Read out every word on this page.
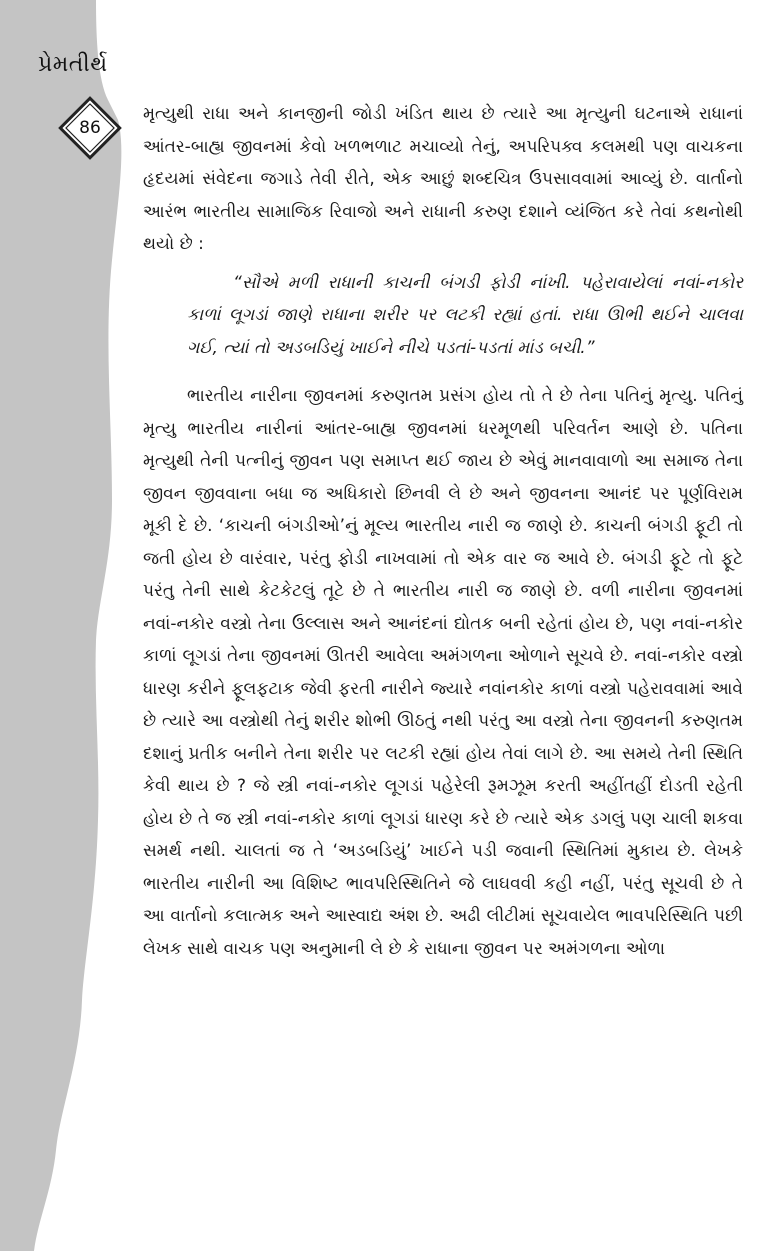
પ્રેમતીર્થ
86

મૃત્યુથી રાધા અને કાનજીની જોડી ખંડિત થાય છે ત્યારે આ મૃત્યુની ઘટનાએ રાધાનાં આંતર-બાહ્ય જીવનમાં કેવો ખળભળાટ મચાવ્યો તેનું, અપરિપક્વ કલમથી પણ વાચકના હૃદયમાં સંવેદના જગાડે તેવી રીતે, એક આછું શબ્દચિત્ર ઉપસાવવામાં આવ્યું છે. વાર્તાનો આરંભ ભારતીય સામાજિક રિવાજો અને રાધાની કરુણ દશાને વ્યંજિત કરે તેવાં કથનોથી થયો છે :

“સૌએ મળી રાધાની કાચની બંગડી ફોડી નાંખી. પહેરાવાયેલાં નવાં-નકોર કાળાં લૂગડાં જાણે રાધાના શરીર પર લટકી રહ્યાં હતાં. રાધા ઊભી થઈને ચાલવા ગઈ, ત્યાં તો અડબડિયું ખાઈને નીચે પડતાં-પડતાં માંડ બચી.”

ભારતીય નારીના જીવનમાં કરુણતમ પ્રસંગ હોય તો તે છે તેના પતિનું મૃત્યુ. પતિનું મૃત્યુ ભારતીય નારીનાં આંતર-બાહ્ય જીવનમાં ધરમૂળથી પરિવર્તન આણે છે. પતિના મૃત્યુથી તેની પત્નીનું જીવન પણ સમાપ્ત થઈ જાય છે એવું માનવાવાળો આ સમાજ તેના જીવન જીવવાના બધા જ અધિકારો છિનવી લે છે અને જીવનના આનંદ પર પૂર્ણવિરામ મૂકી દે છે. ‘કાચની બંગડીઓ’નું મૂલ્ય ભારતીય નારી જ જાણે છે. કાચની બંગડી ફૂટી તો જતી હોય છે વારંવાર, પરંતુ ફોડી નાખવામાં તો એક વાર જ આવે છે. બંગડી ફૂટે તો ફૂટે પરંતુ તેની સાથે કેટકેટલું તૂટે છે તે ભારતીય નારી જ જાણે છે. વળી નારીના જીવનમાં નવાં-નકોર વસ્ત્રો તેના ઉલ્લાસ અને આનંદનાં દ્યોતક બની રહેતાં હોય છે, પણ નવાં-નકોર કાળાં લૂગડાં તેના જીવનમાં ઊતરી આવેલા અમંગળના ઓળાને સૂચવે છે. નવાં-નકોર વસ્ત્રો ધારણ કરીને ફૂલફટાક જેવી ફરતી નારીને જ્યારે નવાંનકોર કાળાં વસ્ત્રો પહેરાવવામાં આવે છે ત્યારે આ વસ્ત્રોથી તેનું શરીર શોભી ઊઠતું નથી પરંતુ આ વસ્ત્રો તેના જીવનની કરુણતમ દશાનું પ્રતીક બનીને તેના શરીર પર લટકી રહ્યાં હોય તેવાં લાગે છે. આ સમયે તેની સ્થિતિ કેવી થાય છે ? જે સ્ત્રી નવાં-નકોર લૂગડાં પહેરેલી રૂમઝૂમ કરતી અહીંતહીં દોડતી રહેતી હોય છે તે જ સ્ત્રી નવાં-નકોર કાળાં લૂગડાં ધારણ કરે છે ત્યારે એક ડગલું પણ ચાલી શકવા સમર્થ નથી. ચાલતાં જ તે ‘અડબડિયું’ ખાઈને પડી જવાની સ્થિતિમાં મુકાય છે. લેખકે ભારતીય નારીની આ વિશિષ્ટ ભાવપરિસ્થિતિને જે લાઘવવી કહી નહીં, પરંતુ સૂચવી છે તે આ વાર્તાનો કલાત્મક અને આસ્વાદ્ય અંશ છે. અઢી લીટીમાં સૂચવાયેલ ભાવપરિસ્થિતિ પછી લેખક સાથે વાચક પણ અનુમાની લે છે કે રાધાના જીવન પર અમંગળના ઓળા
